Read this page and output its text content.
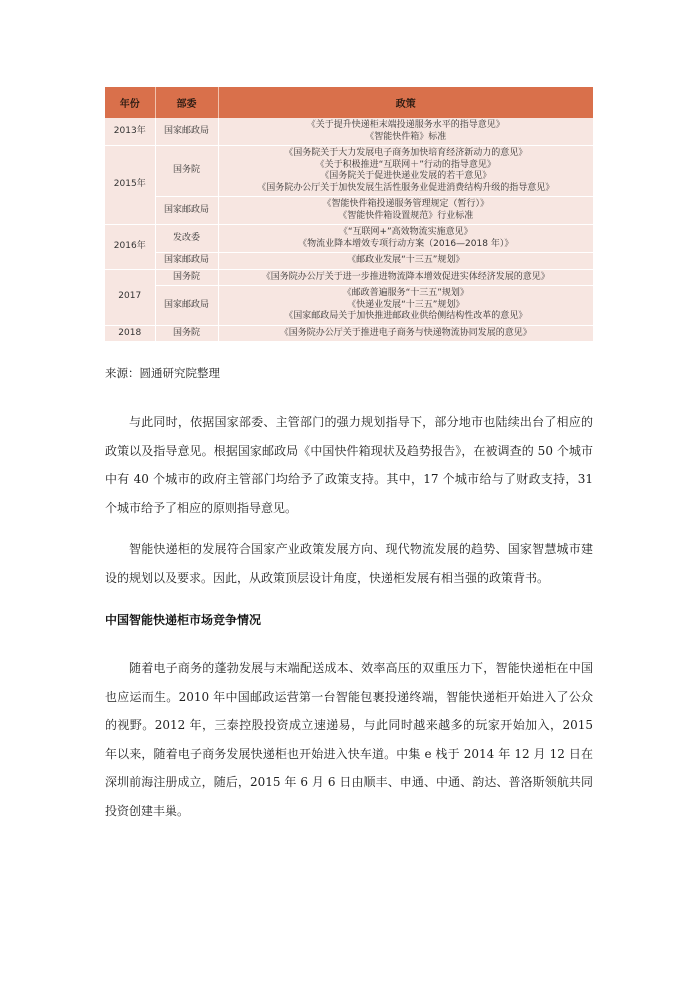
年份	部委	政策
2013年	国家邮政局	《关于提升快递柜末端投递服务水平的指导意见》
《智能快件箱》标准

2015年	国务院	《国务院关于大力发展电子商务加快培育经济新动力的意见》
《关于积极推进“互联网＋”行动的指导意见》
《国务院关于促进快递业发展的若干意见》
《国务院办公厅关于加快发展生活性服务业促进消费结构升级的指导意见》

	国家邮政局	《智能快件箱投递服务管理规定（暂行）》
《智能快件箱设置规范》行业标准

2016年	发改委	《“互联网+”高效物流实施意见》
《物流业降本增效专项行动方案（2016—2018 年）》

	国家邮政局	《邮政业发展“十三五”规划》

2017	国务院	《国务院办公厅关于进一步推进物流降本增效促进实体经济发展的意见》

	国家邮政局	《邮政普遍服务“十三五”规划》
《快递业发展“十三五”规划》
《国家邮政局关于加快推进邮政业供给侧结构性改革的意见》

2018	国务院	《国务院办公厅关于推进电子商务与快递物流协同发展的意见》
来源：圆通研究院整理

与此同时，依据国家部委、主管部门的强力规划指导下，部分地市也陆续出台了相应的政策以及指导意见。根据国家邮政局《中国快件箱现状及趋势报告》，在被调查的 50 个城市中有 40 个城市的政府主管部门均给予了政策支持。其中，17 个城市给与了财政支持，31 个城市给予了相应的原则指导意见。

智能快递柜的发展符合国家产业政策发展方向、现代物流发展的趋势、国家智慧城市建设的规划以及要求。因此，从政策顶层设计角度，快递柜发展有相当强的政策背书。

中国智能快递柜市场竞争情况

随着电子商务的蓬勃发展与末端配送成本、效率高压的双重压力下，智能快递柜在中国也应运而生。2010 年中国邮政运营第一台智能包裹投递终端，智能快递柜开始进入了公众的视野。2012 年，三泰控股投资成立速递易，与此同时越来越多的玩家开始加入，2015 年以来，随着电子商务发展快递柜也开始进入快车道。中集 e 栈于 2014 年 12 月 12 日在深圳前海注册成立，随后，2015 年 6 月 6 日由顺丰、申通、中通、韵达、普洛斯领航共同投资创建丰巢。
